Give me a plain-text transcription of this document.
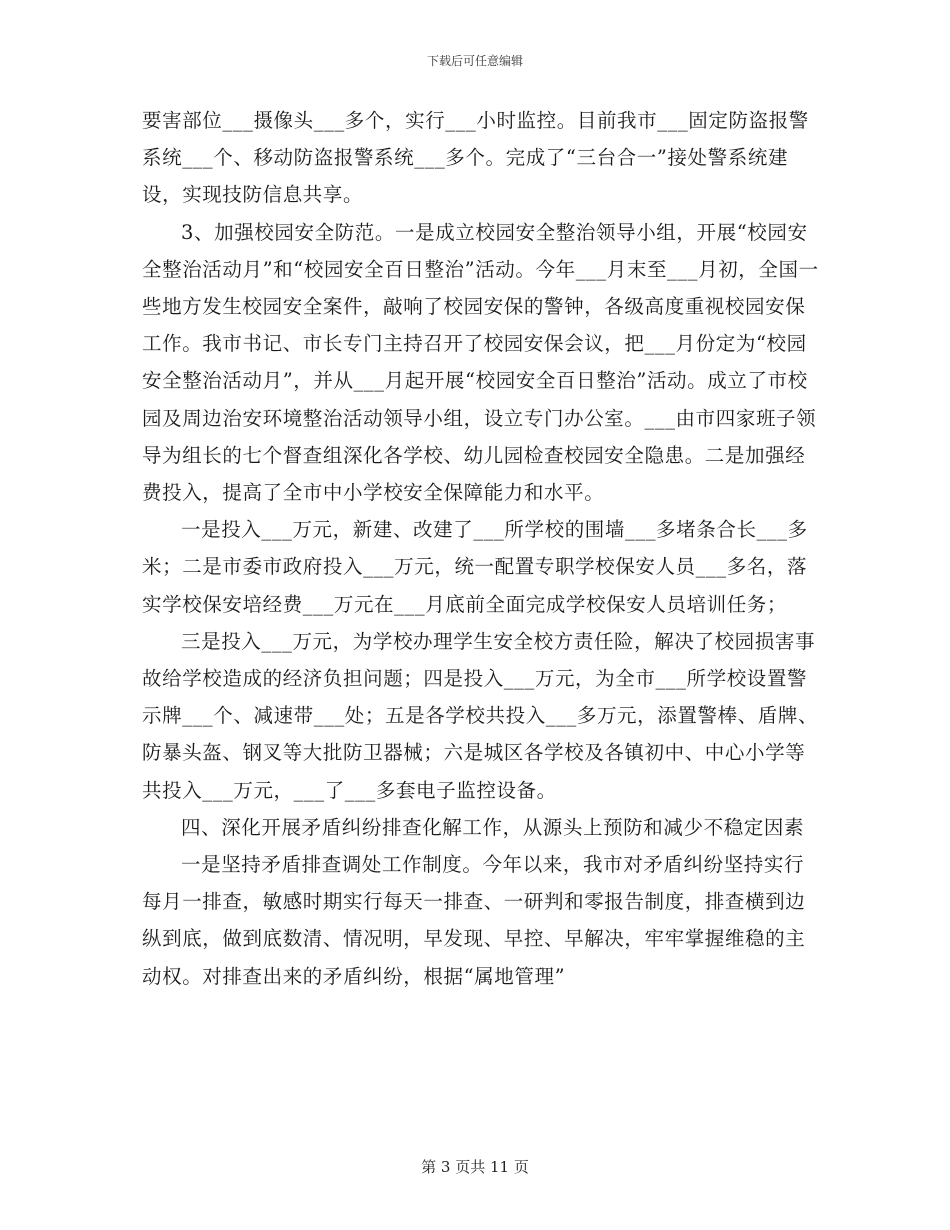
下载后可任意编辑

要害部位___摄像头___多个，实行___小时监控。目前我市___固定防盗报警系统___个、移动防盗报警系统___多个。完成了“三台合一”接处警系统建设，实现技防信息共享。

3、加强校园安全防范。一是成立校园安全整治领导小组，开展“校园安全整治活动月”和“校园安全百日整治”活动。今年___月末至___月初，全国一些地方发生校园安全案件，敲响了校园安保的警钟，各级高度重视校园安保工作。我市书记、市长专门主持召开了校园安保会议，把___月份定为“校园安全整治活动月”，并从___月起开展“校园安全百日整治”活动。成立了市校园及周边治安环境整治活动领导小组，设立专门办公室。___由市四家班子领导为组长的七个督查组深化各学校、幼儿园检查校园安全隐患。二是加强经费投入，提高了全市中小学校安全保障能力和水平。

一是投入___万元，新建、改建了___所学校的围墙___多堵条合长___多米；二是市委市政府投入___万元，统一配置专职学校保安人员___多名，落实学校保安培经费___万元在___月底前全面完成学校保安人员培训任务；

三是投入___万元，为学校办理学生安全校方责任险，解决了校园损害事故给学校造成的经济负担问题；四是投入___万元，为全市___所学校设置警示牌___个、减速带___处；五是各学校共投入___多万元，添置警棒、盾牌、防暴头盔、钢叉等大批防卫器械；六是城区各学校及各镇初中、中心小学等共投入___万元，___了___多套电子监控设备。

四、深化开展矛盾纠纷排查化解工作，从源头上预防和减少不稳定因素

一是坚持矛盾排查调处工作制度。今年以来，我市对矛盾纠纷坚持实行每月一排查，敏感时期实行每天一排查、一研判和零报告制度，排查横到边纵到底，做到底数清、情况明，早发现、早控、早解决，牢牢掌握维稳的主动权。对排查出来的矛盾纠纷，根据“属地管理”

第 3 页共 11 页
